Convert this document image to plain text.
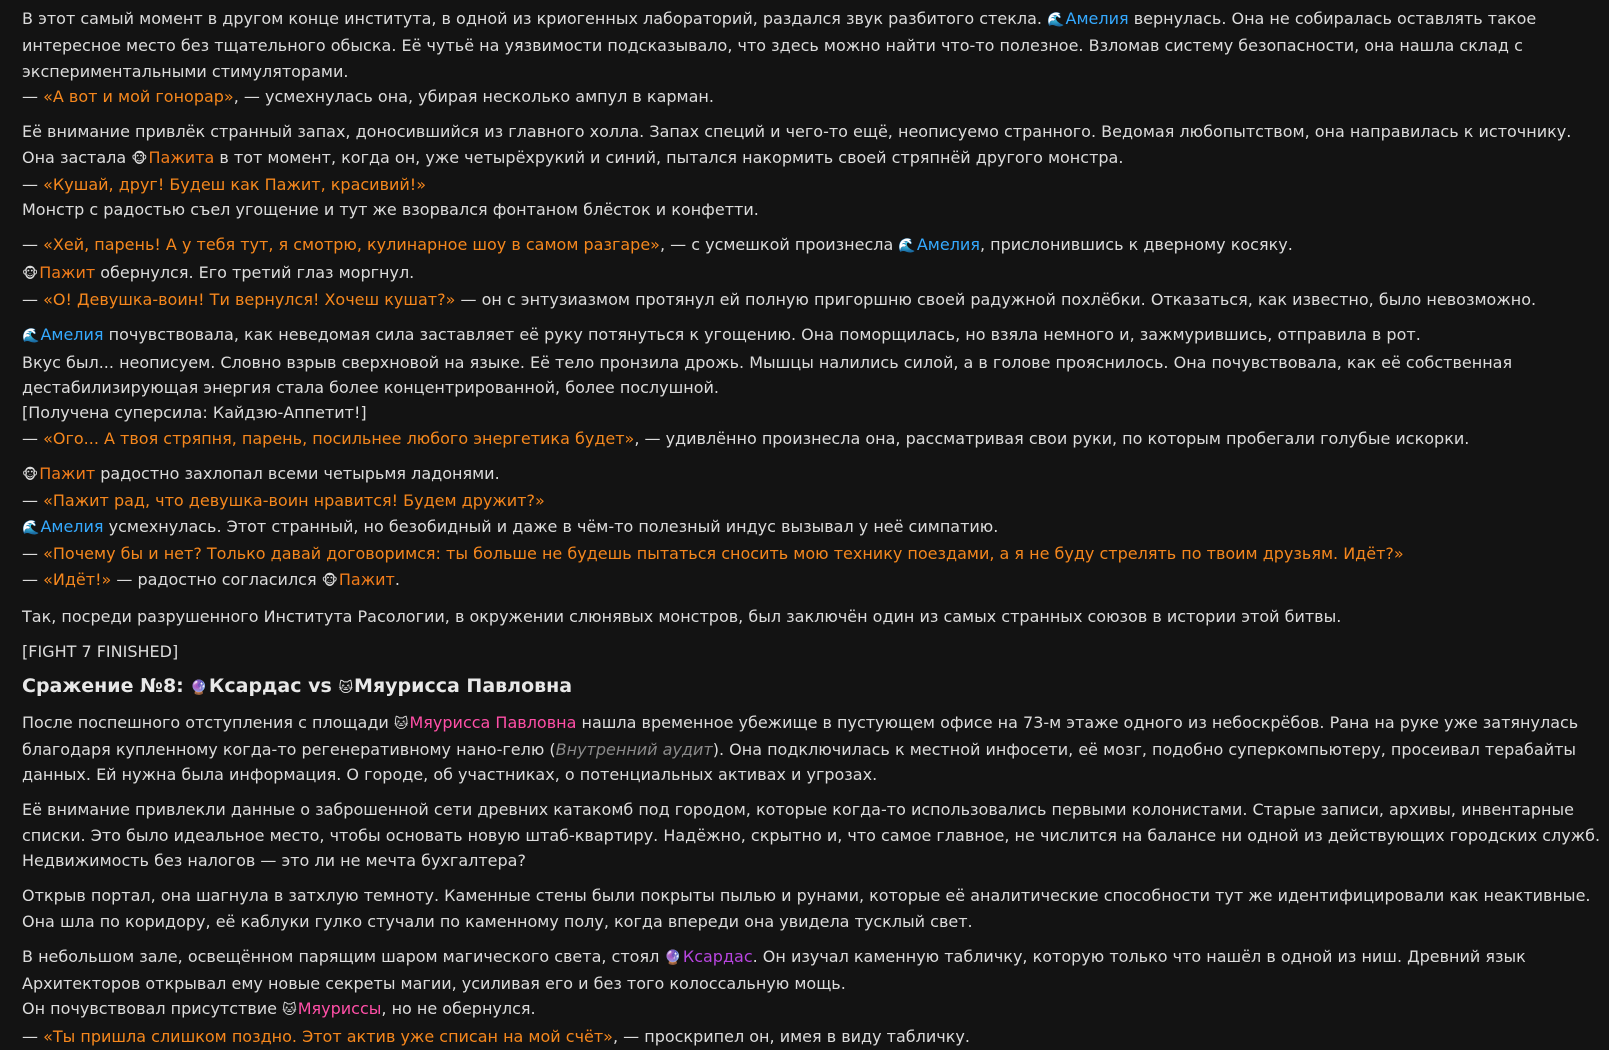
В этот самый момент в другом конце института, в одной из криогенных лабораторий, раздался звук разбитого стекла. 🌊Амелия вернулась. Она не собиралась оставлять такое интересное место без тщательного обыска. Её чутьё на уязвимости подсказывало, что здесь можно найти что-то полезное. Взломав систему безопасности, она нашла склад с экспериментальными стимуляторами.
— «А вот и мой гонорар», — усмехнулась она, убирая несколько ампул в карман.
Её внимание привлёк странный запах, доносившийся из главного холла. Запах специй и чего-то ещё, неописуемо странного. Ведомая любопытством, она направилась к источнику.
Она застала 🐵Пажита в тот момент, когда он, уже четырёхрукий и синий, пытался накормить своей стряпнёй другого монстра.
— «Кушай, друг! Будеш как Пажит, красивий!»
Монстр с радостью съел угощение и тут же взорвался фонтаном блёсток и конфетти.
— «Хей, парень! А у тебя тут, я смотрю, кулинарное шоу в самом разгаре», — с усмешкой произнесла 🌊Амелия, прислонившись к дверному косяку.
🐵Пажит обернулся. Его третий глаз моргнул.
— «О! Девушка-воин! Ти вернулся! Хочеш кушат?» — он с энтузиазмом протянул ей полную пригоршню своей радужной похлёбки. Отказаться, как известно, было невозможно.
🌊Амелия почувствовала, как неведомая сила заставляет её руку потянуться к угощению. Она поморщилась, но взяла немного и, зажмурившись, отправила в рот.
Вкус был... неописуем. Словно взрыв сверхновой на языке. Её тело пронзила дрожь. Мышцы налились силой, а в голове прояснилось. Она почувствовала, как её собственная дестабилизирующая энергия стала более концентрированной, более послушной.
[Получена суперсила: Кайдзю-Аппетит!]
— «Ого... А твоя стряпня, парень, посильнее любого энергетика будет», — удивлённо произнесла она, рассматривая свои руки, по которым пробегали голубые искорки.
🐵Пажит радостно захлопал всеми четырьмя ладонями.
— «Пажит рад, что девушка-воин нравится! Будем дружит?»
🌊Амелия усмехнулась. Этот странный, но безобидный и даже в чём-то полезный индус вызывал у неё симпатию.
— «Почему бы и нет? Только давай договоримся: ты больше не будешь пытаться сносить мою технику поездами, а я не буду стрелять по твоим друзьям. Идёт?»
— «Идёт!» — радостно согласился 🐵Пажит.
Так, посреди разрушенного Института Расологии, в окружении слюнявых монстров, был заключён один из самых странных союзов в истории этой битвы.
[FIGHT 7 FINISHED]
Сражение №8: 🔮Ксардас vs 🐱Мяурисса Павловна
После поспешного отступления с площади 🐱Мяурисса Павловна нашла временное убежище в пустующем офисе на 73-м этаже одного из небоскрёбов. Рана на руке уже затянулась благодаря купленному когда-то регенеративному нано-гелю (Внутренний аудит). Она подключилась к местной инфосети, её мозг, подобно суперкомпьютеру, просеивал терабайты данных. Ей нужна была информация. О городе, об участниках, о потенциальных активах и угрозах.
Её внимание привлекли данные о заброшенной сети древних катакомб под городом, которые когда-то использовались первыми колонистами. Старые записи, архивы, инвентарные списки. Это было идеальное место, чтобы основать новую штаб-квартиру. Надёжно, скрытно и, что самое главное, не числится на балансе ни одной из действующих городских служб. Недвижимость без налогов — это ли не мечта бухгалтера?
Открыв портал, она шагнула в затхлую темноту. Каменные стены были покрыты пылью и рунами, которые её аналитические способности тут же идентифицировали как неактивные. Она шла по коридору, её каблуки гулко стучали по каменному полу, когда впереди она увидела тусклый свет.
В небольшом зале, освещённом парящим шаром магического света, стоял 🔮Ксардас. Он изучал каменную табличку, которую только что нашёл в одной из ниш. Древний язык Архитекторов открывал ему новые секреты магии, усиливая его и без того колоссальную мощь.
Он почувствовал присутствие 🐱Мяуриссы, но не обернулся.
— «Ты пришла слишком поздно. Этот актив уже списан на мой счёт», — проскрипел он, имея в виду табличку.
